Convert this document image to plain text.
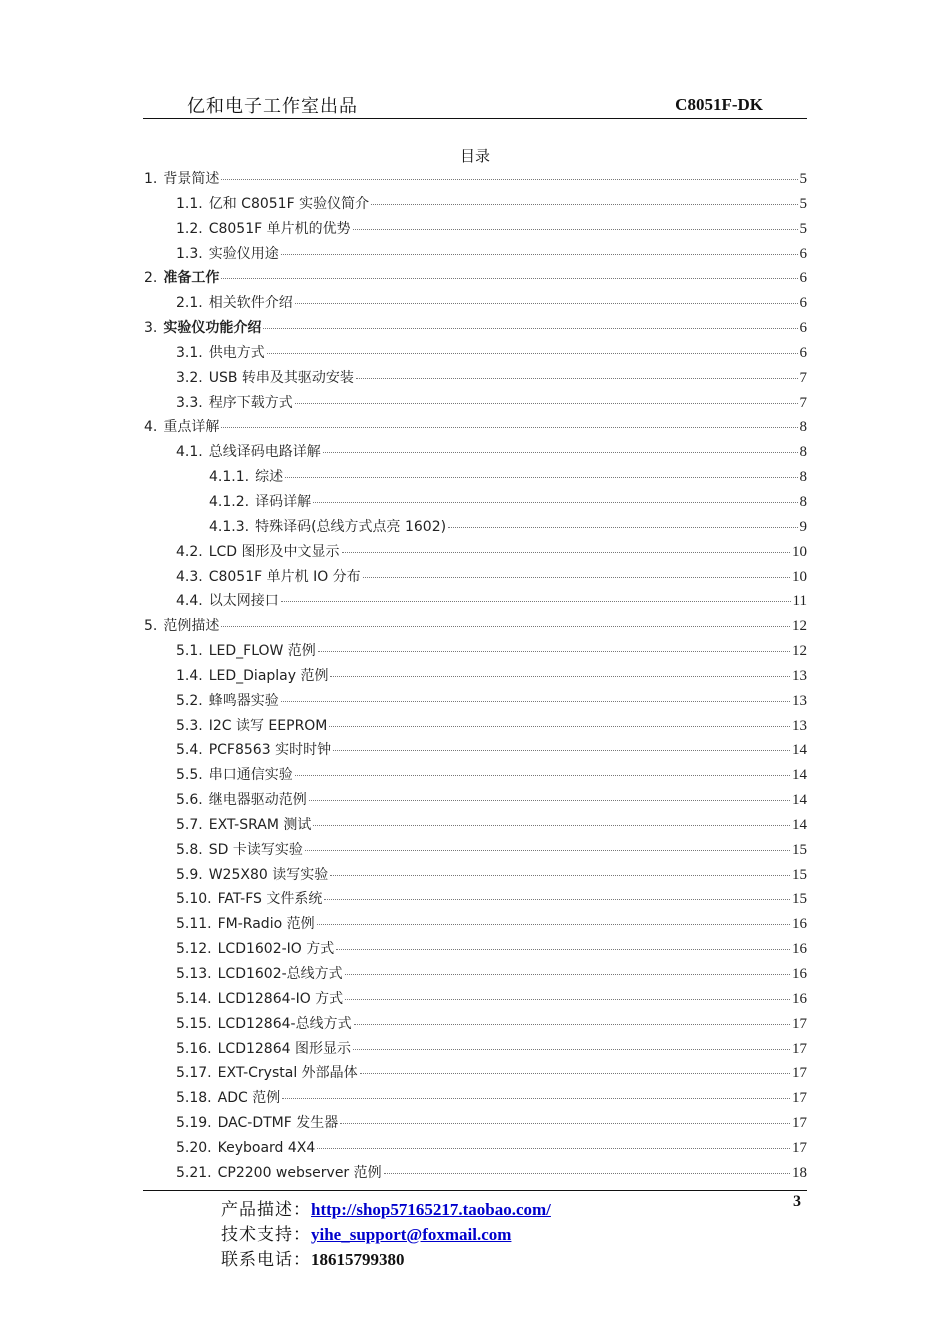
亿和电子工作室出品	C8051F-DK
目录
1. 背景简述	5
1.1. 亿和 C8051F 实验仪简介	5
1.2. C8051F 单片机的优势	5
1.3. 实验仪用途	6
2. 准备工作	6
2.1. 相关软件介绍	6
3. 实验仪功能介绍	6
3.1. 供电方式	6
3.2. USB 转串及其驱动安装	7
3.3. 程序下载方式	7
4. 重点详解	8
4.1. 总线译码电路详解	8
4.1.1. 综述	8
4.1.2. 译码详解	8
4.1.3. 特殊译码(总线方式点亮 1602)	9
4.2. LCD 图形及中文显示	10
4.3. C8051F 单片机 IO 分布	10
4.4. 以太网接口	11
5. 范例描述	12
5.1. LED_FLOW 范例	12
1.4. LED_Diaplay 范例	13
5.2. 蜂鸣器实验	13
5.3. I2C 读写 EEPROM	13
5.4. PCF8563 实时时钟	14
5.5. 串口通信实验	14
5.6. 继电器驱动范例	14
5.7. EXT-SRAM 测试	14
5.8. SD 卡读写实验	15
5.9. W25X80 读写实验	15
5.10. FAT-FS 文件系统	15
5.11. FM-Radio 范例	16
5.12. LCD1602-IO 方式	16
5.13. LCD1602-总线方式	16
5.14. LCD12864-IO 方式	16
5.15. LCD12864-总线方式	17
5.16. LCD12864 图形显示	17
5.17. EXT-Crystal 外部晶体	17
5.18. ADC 范例	17
5.19. DAC-DTMF 发生器	17
5.20. Keyboard 4X4	17
5.21. CP2200 webserver 范例	18
产品描述：http://shop57165217.taobao.com/
技术支持：yihe_support@foxmail.com
联系电话：18615799380
3
